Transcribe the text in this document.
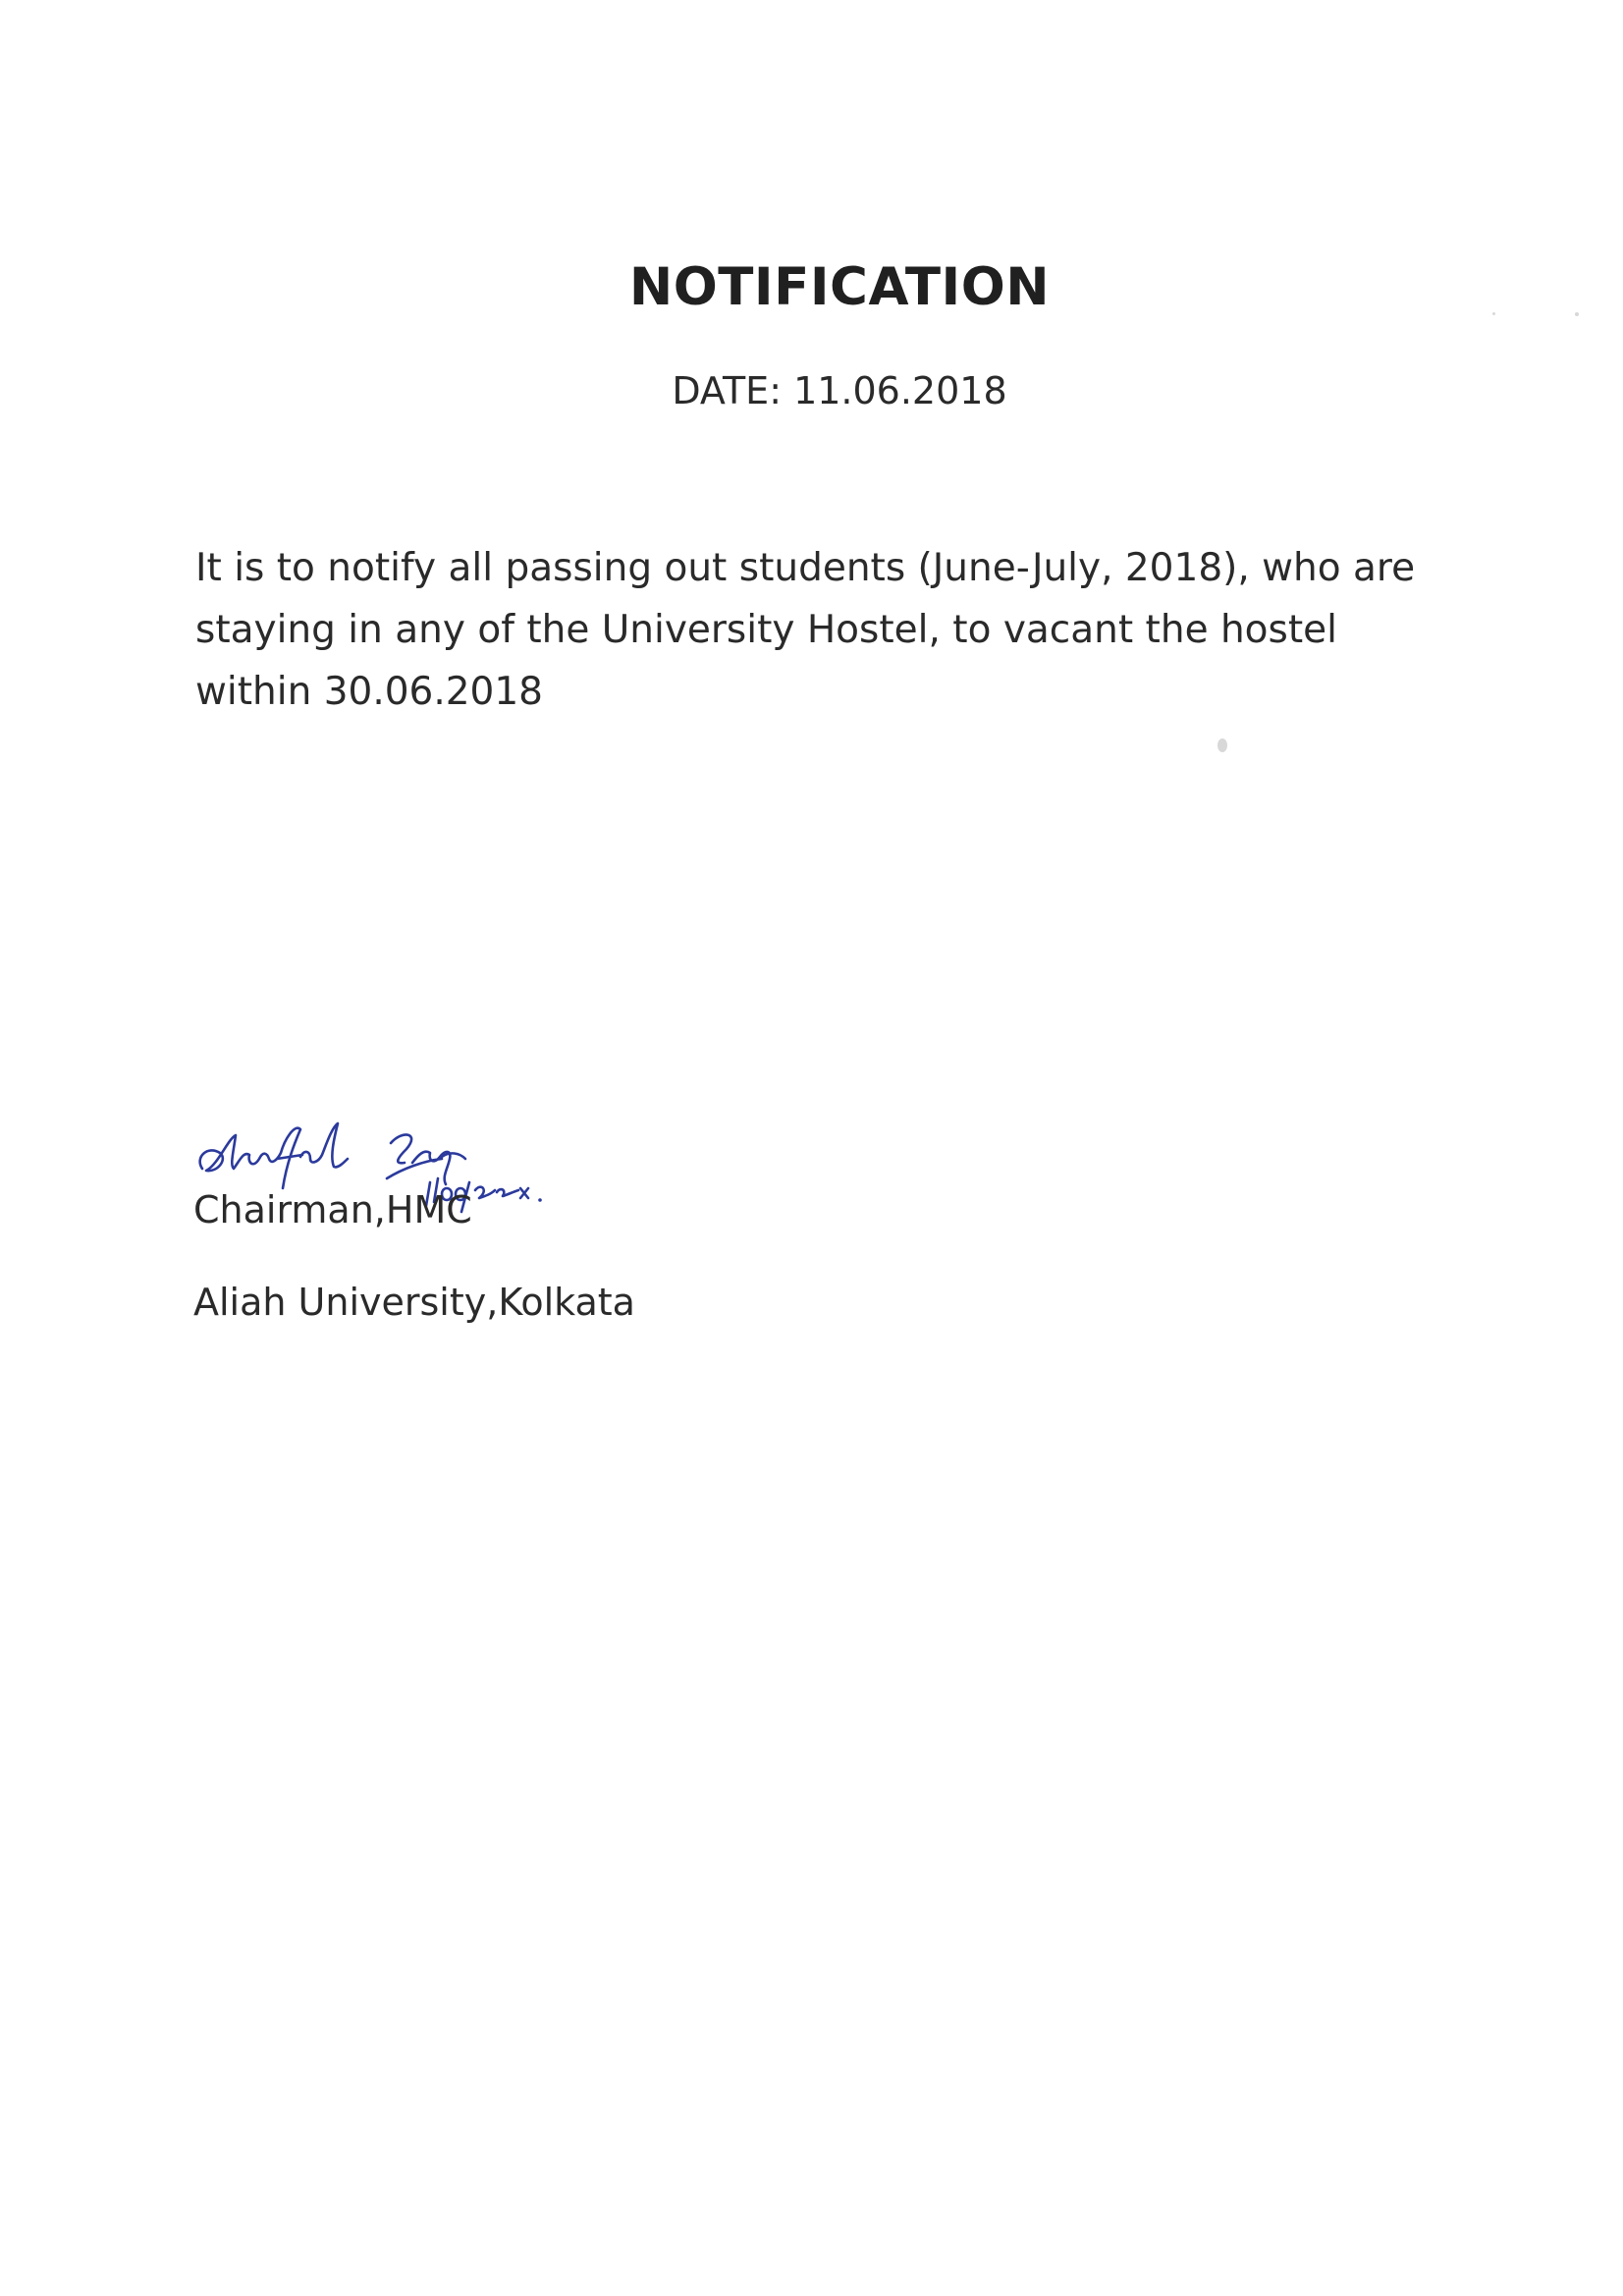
NOTIFICATION
DATE: 11.06.2018
It is to notify all passing out students (June-July, 2018), who are
staying in any of the University Hostel, to vacant the hostel
within 30.06.2018
Chairman,HMC
Aliah University,Kolkata
